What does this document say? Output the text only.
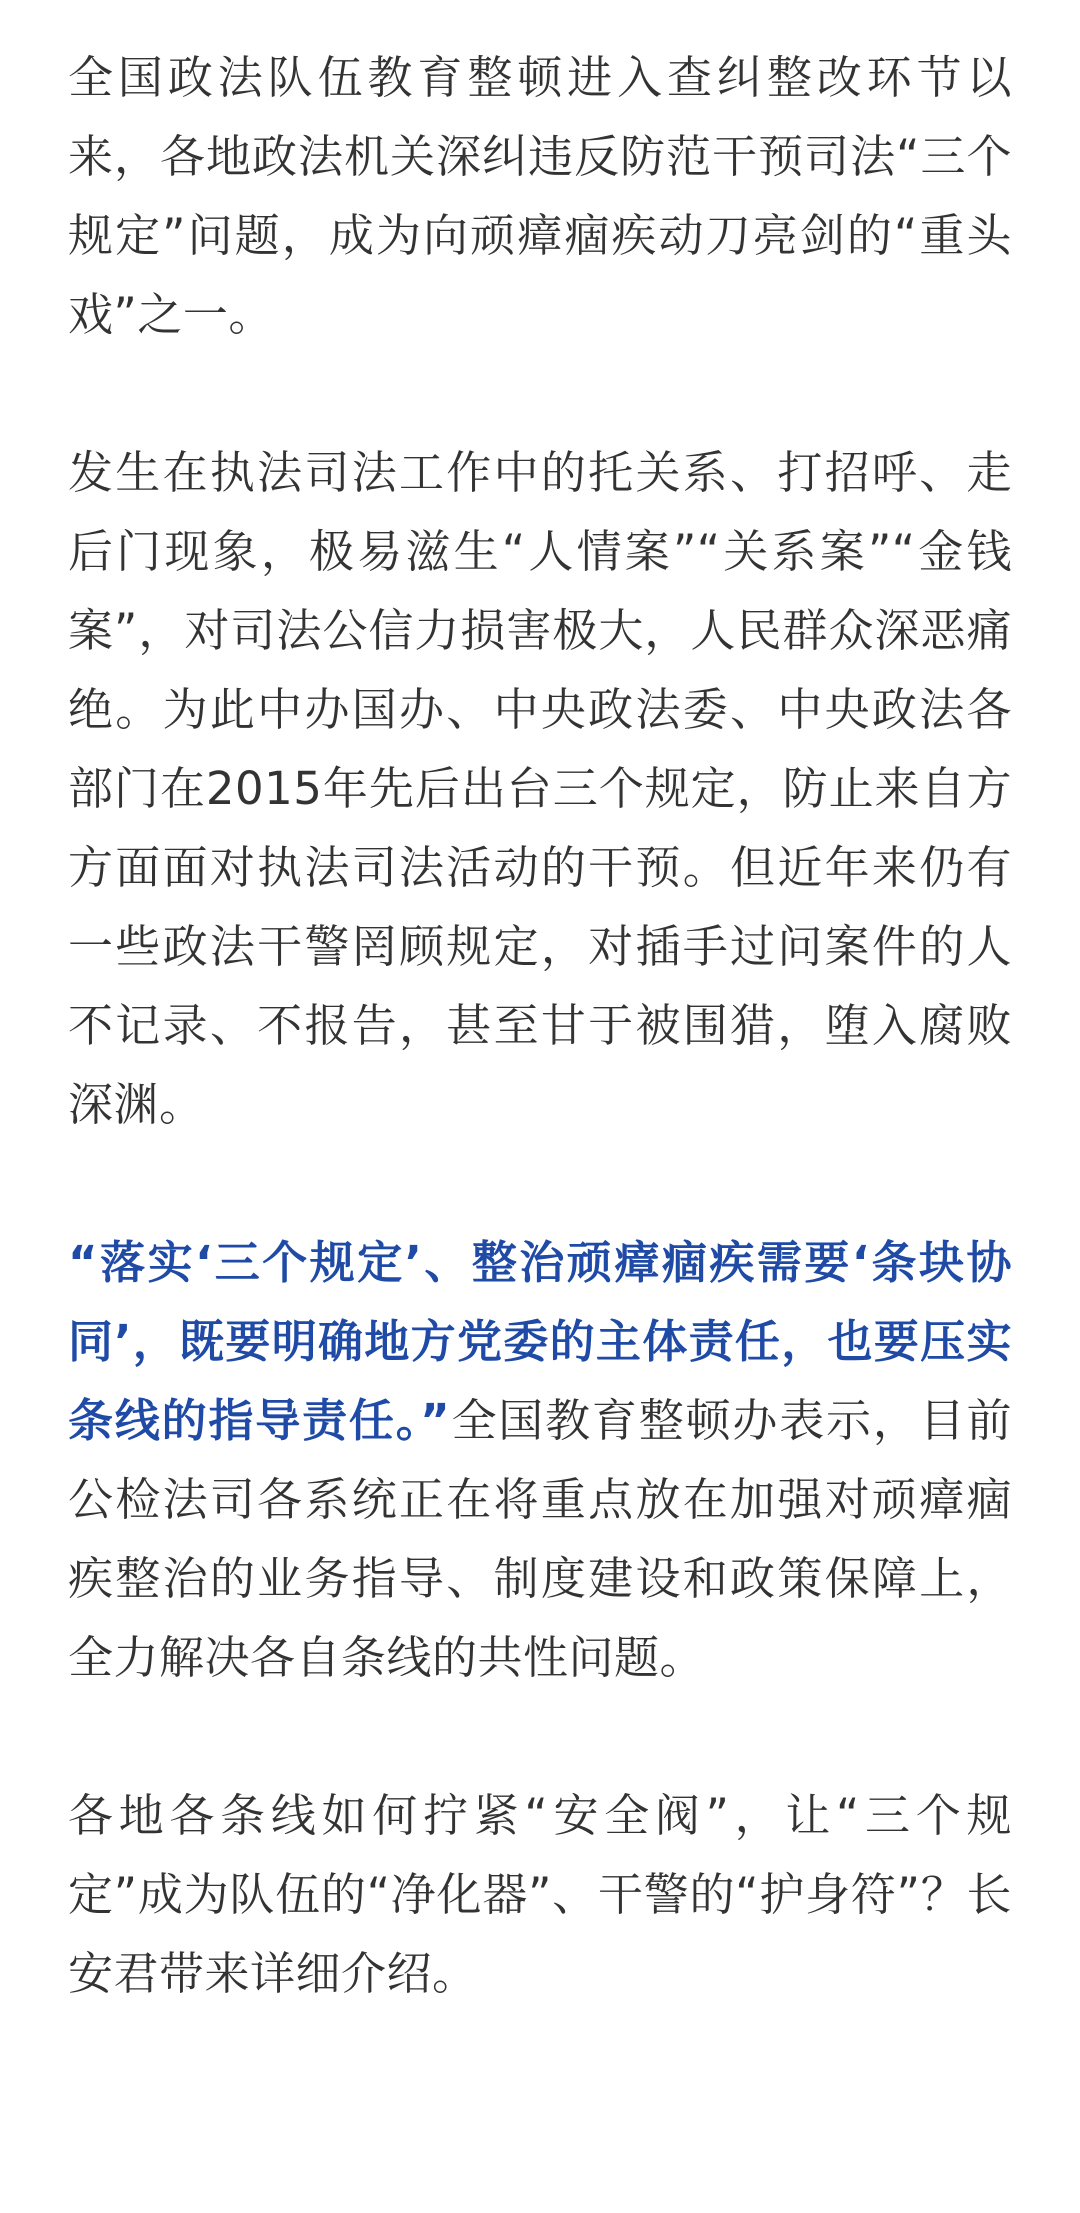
全国政法队伍教育整顿进入查纠整改环节以来，各地政法机关深纠违反防范干预司法“三个规定”问题，成为向顽瘴痼疾动刀亮剑的“重头戏”之一。

发生在执法司法工作中的托关系、打招呼、走后门现象，极易滋生“人情案”“关系案”“金钱案”，对司法公信力损害极大，人民群众深恶痛绝。为此中办国办、中央政法委、中央政法各部门在2015年先后出台三个规定，防止来自方方面面对执法司法活动的干预。但近年来仍有一些政法干警罔顾规定，对插手过问案件的人不记录、不报告，甚至甘于被围猎，堕入腐败深渊。

“落实‘三个规定’、整治顽瘴痼疾需要‘条块协同’，既要明确地方党委的主体责任，也要压实条线的指导责任。”全国教育整顿办表示，目前公检法司各系统正在将重点放在加强对顽瘴痼疾整治的业务指导、制度建设和政策保障上，全力解决各自条线的共性问题。

各地各条线如何拧紧“安全阀”，让“三个规定”成为队伍的“净化器”、干警的“护身符”？长安君带来详细介绍。
